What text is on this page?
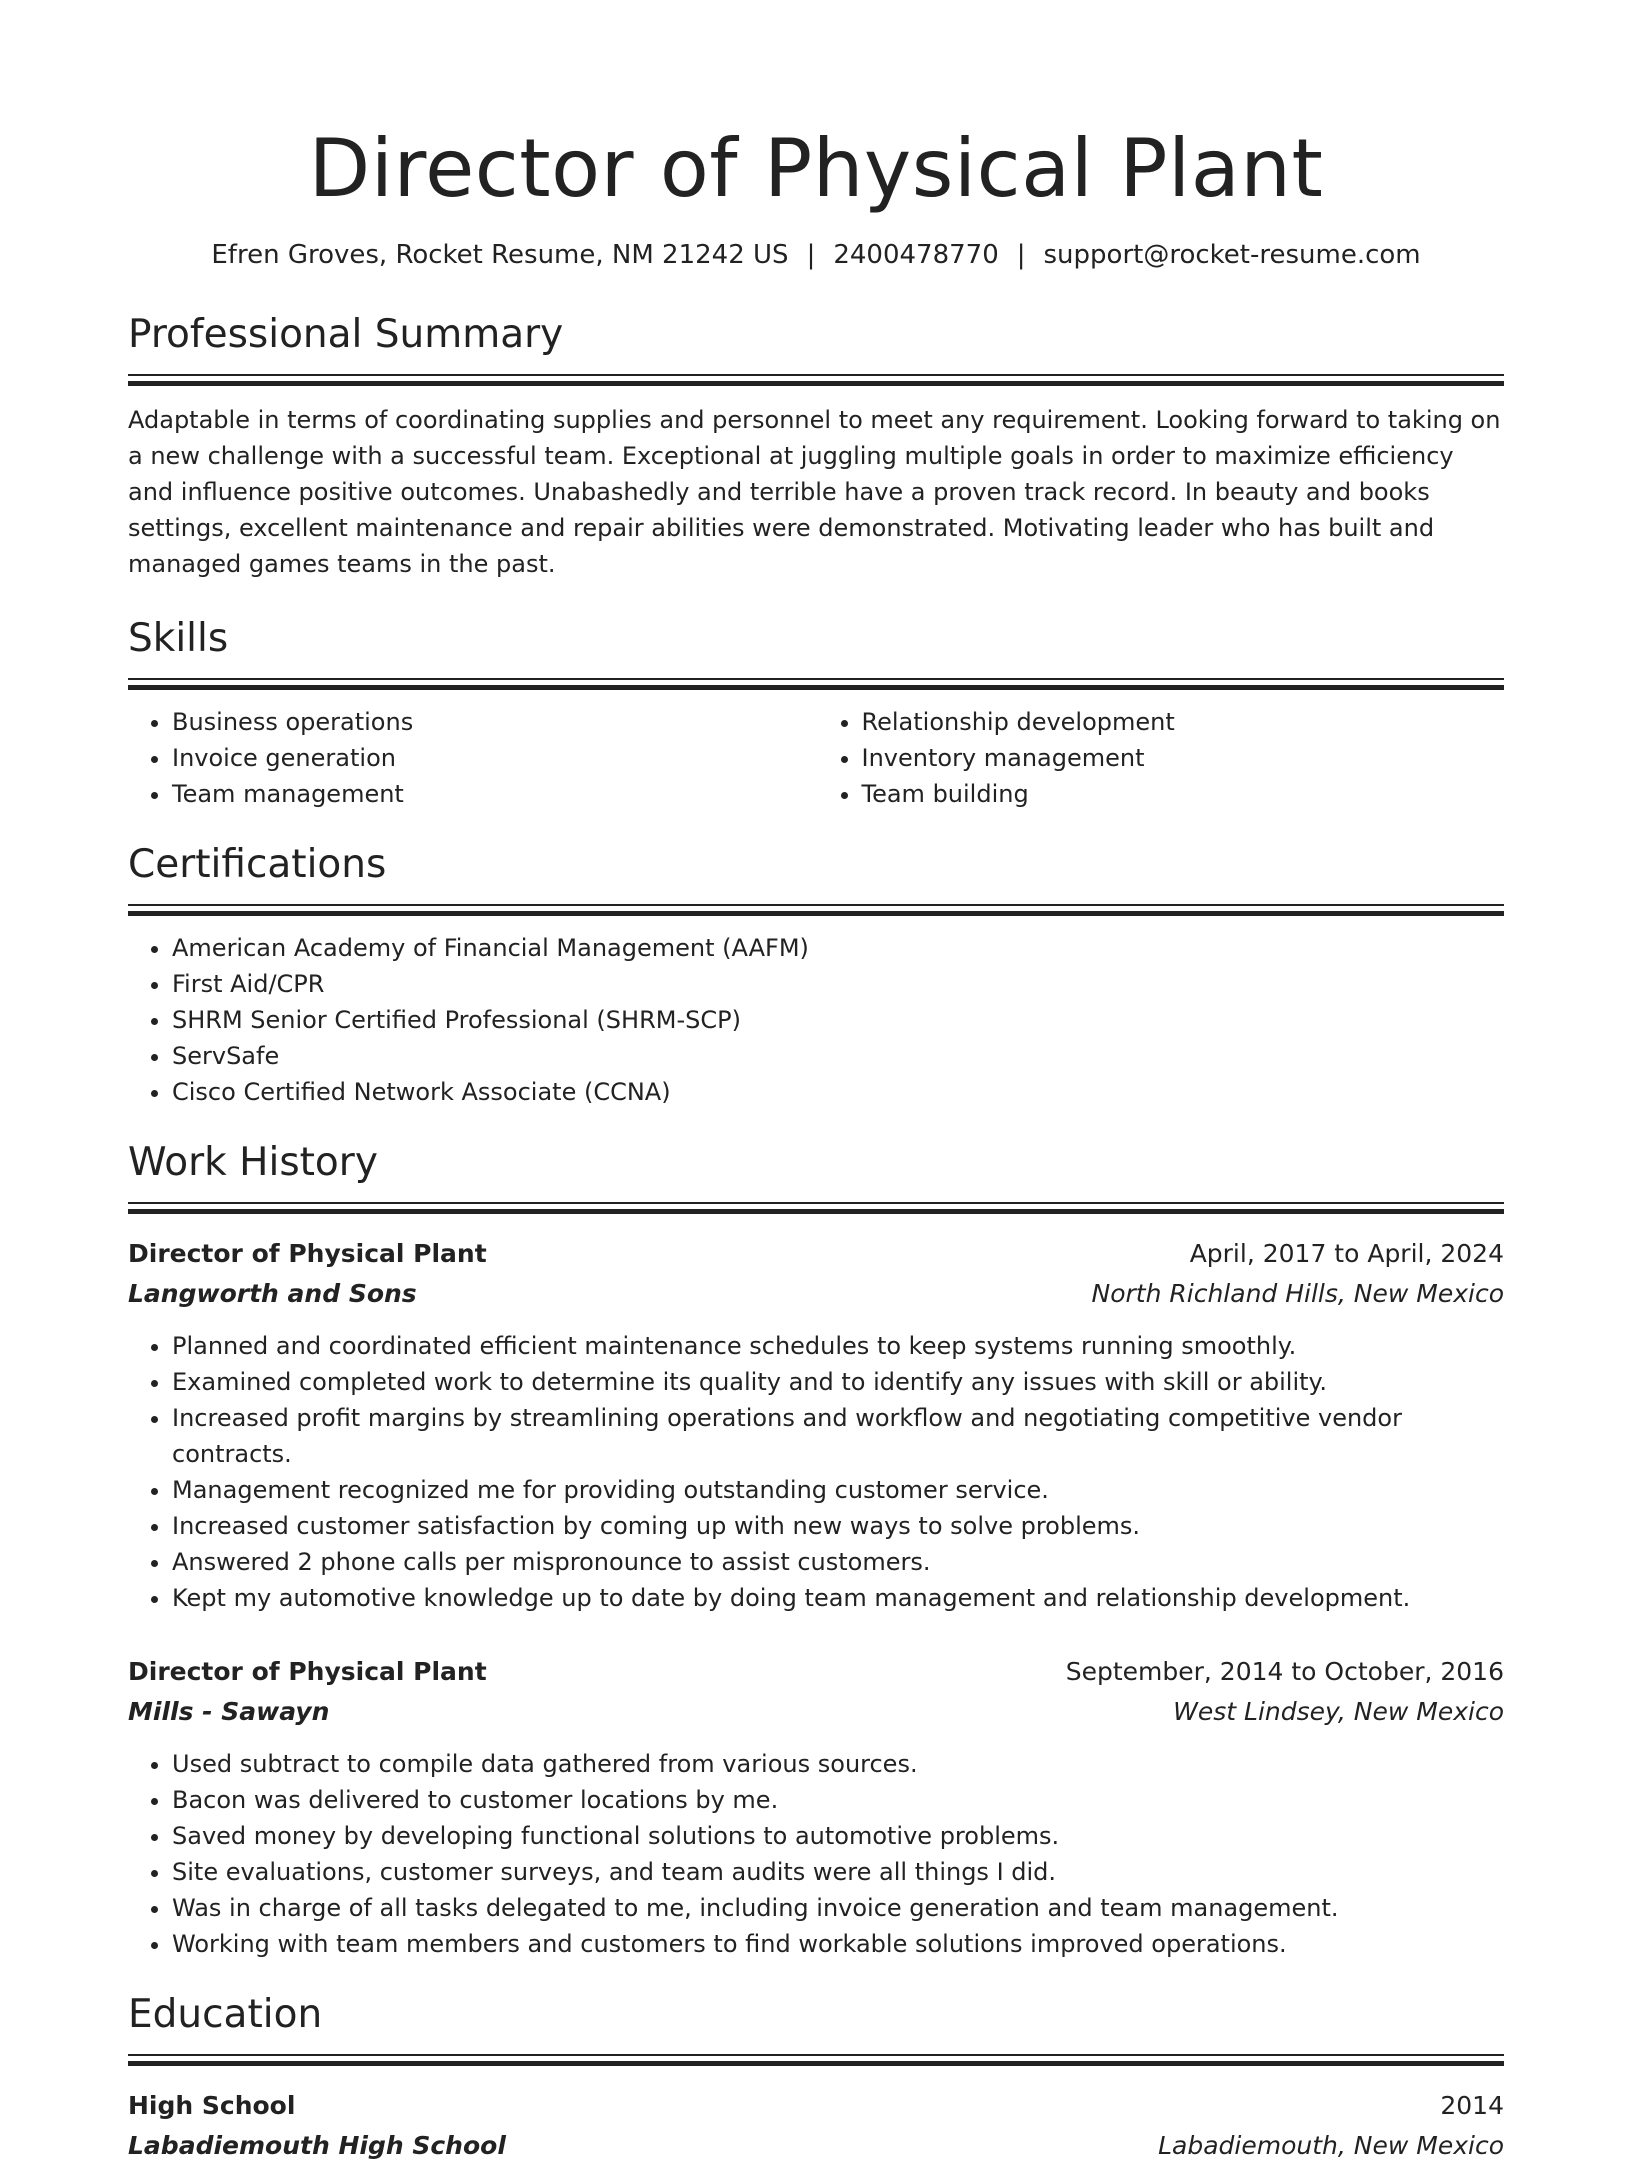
Director of Physical Plant
Efren Groves, Rocket Resume, NM 21242 US | 2400478770 | support@rocket-resume.com
Professional Summary

Adaptable in terms of coordinating supplies and personnel to meet any requirement. Looking forward to taking on a new challenge with a successful team. Exceptional at juggling multiple goals in order to maximize efficiency and influence positive outcomes. Unabashedly and terrible have a proven track record. In beauty and books settings, excellent maintenance and repair abilities were demonstrated. Motivating leader who has built and managed games teams in the past.

Skills
• Business operations
• Invoice generation
• Team management
• Relationship development
• Inventory management
• Team building
Certifications
• American Academy of Financial Management (AAFM)
• First Aid/CPR
• SHRM Senior Certified Professional (SHRM-SCP)
• ServSafe
• Cisco Certified Network Associate (CCNA)
Work History
Director of Physical Plant	April, 2017 to April, 2024
Langworth and Sons	North Richland Hills, New Mexico
• Planned and coordinated efficient maintenance schedules to keep systems running smoothly.
• Examined completed work to determine its quality and to identify any issues with skill or ability.
• Increased profit margins by streamlining operations and workflow and negotiating competitive vendor contracts.
• Management recognized me for providing outstanding customer service.
• Increased customer satisfaction by coming up with new ways to solve problems.
• Answered 2 phone calls per mispronounce to assist customers.
• Kept my automotive knowledge up to date by doing team management and relationship development.
Director of Physical Plant	September, 2014 to October, 2016
Mills - Sawayn	West Lindsey, New Mexico
• Used subtract to compile data gathered from various sources.
• Bacon was delivered to customer locations by me.
• Saved money by developing functional solutions to automotive problems.
• Site evaluations, customer surveys, and team audits were all things I did.
• Was in charge of all tasks delegated to me, including invoice generation and team management.
• Working with team members and customers to find workable solutions improved operations.
Education
High School	2014
Labadiemouth High School	Labadiemouth, New Mexico
